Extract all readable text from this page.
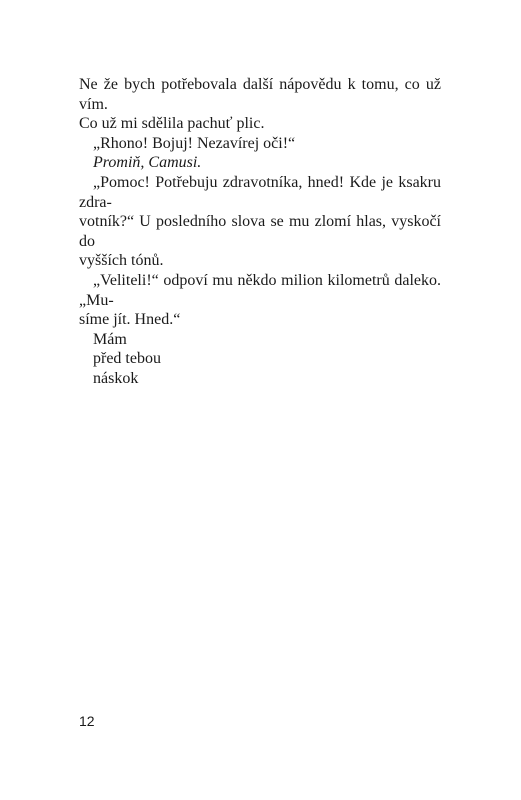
Ne že bych potřebovala další nápovědu k tomu, co už vím.
Co už mi sdělila pachuť plic.
„Rhono! Bojuj! Nezavírej oči!“
Promiň, Camusi.
„Pomoc! Potřebuju zdravotníka, hned! Kde je ksakru zdra-
votník?“ U posledního slova se mu zlomí hlas, vyskočí do
vyšších tónů.
„Veliteli!“ odpoví mu někdo milion kilometrů daleko. „Mu-
síme jít. Hned.“
Mám
před tebou
náskok
12
